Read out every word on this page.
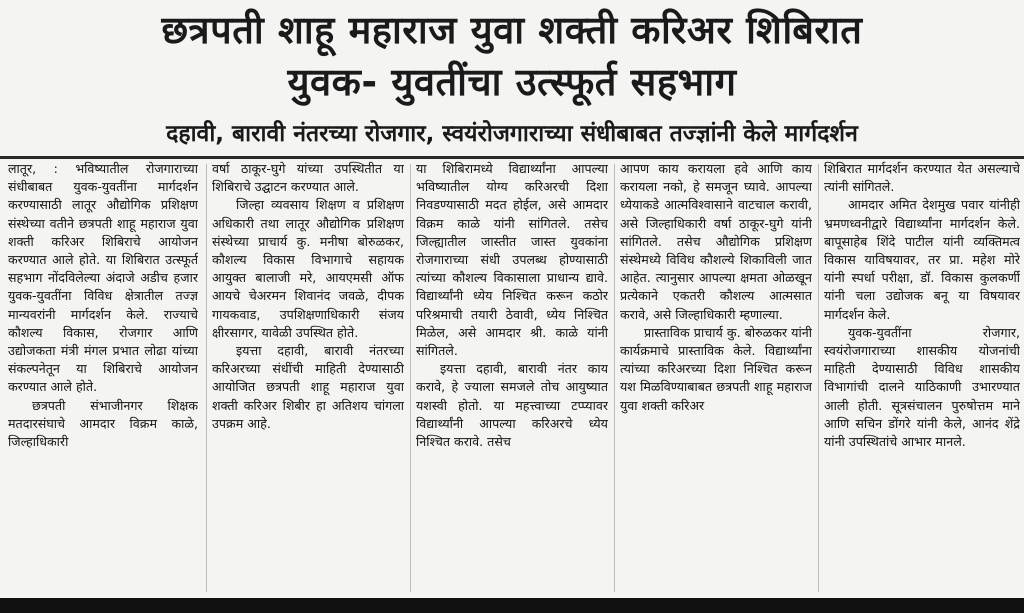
छत्रपती शाहू महाराज युवा शक्ती करिअर शिबिरात
युवक- युवतींचा उत्स्फूर्त सहभाग
दहावी, बारावी नंतरच्या रोजगार, स्वयंरोजगाराच्या संधीबाबत तज्ज्ञांनी केले मार्गदर्शन

लातूर, : भविष्यातील रोजगाराच्या संधीबाबत युवक-युवतींना मार्गदर्शन करण्यासाठी लातूर औद्योगिक प्रशिक्षण संस्थेच्या वतीने छत्रपती शाहू महाराज युवा शक्ती करिअर शिबिराचे आयोजन करण्यात आले होते. या शिबिरात उत्स्फूर्त सहभाग नोंदविलेल्या अंदाजे अडीच हजार युवक-युवतींना विविध क्षेत्रातील तज्ज्ञ मान्यवरांनी मार्गदर्शन केले. राज्याचे कौशल्य विकास, रोजगार आणि उद्योजकता मंत्री मंगल प्रभात लोढा यांच्या संकल्पनेतून या शिबिराचे आयोजन करण्यात आले होते.

छत्रपती संभाजीनगर शिक्षक मतदारसंघाचे आमदार विक्रम काळे, जिल्हाधिकारी

वर्षा ठाकूर-घुगे यांच्या उपस्थितीत या शिबिराचे उद्घाटन करण्यात आले.

जिल्हा व्यवसाय शिक्षण व प्रशिक्षण अधिकारी तथा लातूर औद्योगिक प्रशिक्षण संस्थेच्या प्राचार्य कु. मनीषा बोरुळकर, कौशल्य विकास विभागाचे सहायक आयुक्त बालाजी मरे, आयएमसी ऑफ आयचे चेअरमन शिवानंद जवळे, दीपक गायकवाड, उपशिक्षणाधिकारी संजय क्षीरसागर, यावेळी उपस्थित होते.

इयत्ता दहावी, बारावी नंतरच्या करिअरच्या संधींची माहिती देण्यासाठी आयोजित छत्रपती शाहू महाराज युवा शक्ती करिअर शिबीर हा अतिशय चांगला उपक्रम आहे.

या शिबिरामध्ये विद्यार्थ्यांना आपल्या भविष्यातील योग्य करिअरची दिशा निवडण्यासाठी मदत होईल, असे आमदार विक्रम काळे यांनी सांगितले. तसेच जिल्ह्यातील जास्तीत जास्त युवकांना रोजगाराच्या संधी उपलब्ध होण्यासाठी त्यांच्या कौशल्य विकासाला प्राधान्य द्यावे. विद्यार्थ्यांनी ध्येय निश्चित करून कठोर परिश्रमाची तयारी ठेवावी, ध्येय निश्चित मिळेल, असे आमदार श्री. काळे यांनी सांगितले.

इयत्ता दहावी, बारावी नंतर काय करावे, हे ज्याला समजले तोच आयुष्यात यशस्वी होतो. या महत्त्वाच्या टप्प्यावर विद्यार्थ्यांनी आपल्या करिअरचे ध्येय निश्चित करावे. तसेच

आपण काय करायला हवे आणि काय करायला नको, हे समजून घ्यावे. आपल्या ध्येयाकडे आत्मविश्वासाने वाटचाल करावी, असे जिल्हाधिकारी वर्षा ठाकूर-घुगे यांनी सांगितले. तसेच औद्योगिक प्रशिक्षण संस्थेमध्ये विविध कौशल्ये शिकाविली जात आहेत. त्यानुसार आपल्या क्षमता ओळखून प्रत्येकाने एकतरी कौशल्य आत्मसात करावे, असे जिल्हाधिकारी म्हणाल्या.

प्रास्ताविक प्राचार्य कु. बोरुळकर यांनी कार्यक्रमाचे प्रास्ताविक केले. विद्यार्थ्यांना त्यांच्या करिअरच्या दिशा निश्चित करून यश मिळविण्याबाबत छत्रपती शाहू महाराज युवा शक्ती करिअर

शिबिरात मार्गदर्शन करण्यात येत असल्याचे त्यांनी सांगितले.

आमदार अमित देशमुख पवार यांनीही भ्रमणध्वनीद्वारे विद्यार्थ्यांना मार्गदर्शन केले. बापूसाहेब शिंदे पाटील यांनी व्यक्तिमत्व विकास याविषयावर, तर प्रा. महेश मोरे यांनी स्पर्धा परीक्षा, डॉ. विकास कुलकर्णी यांनी चला उद्योजक बनू या विषयावर मार्गदर्शन केले.

युवक-युवतींना रोजगार, स्वयंरोजगाराच्या शासकीय योजनांची माहिती देण्यासाठी विविध शासकीय विभागांची दालने याठिकाणी उभारण्यात आली होती. सूत्रसंचालन पुरुषोत्तम माने आणि सचिन डोंगरे यांनी केले, आनंद शेंद्रे यांनी उपस्थितांचे आभार मानले.
